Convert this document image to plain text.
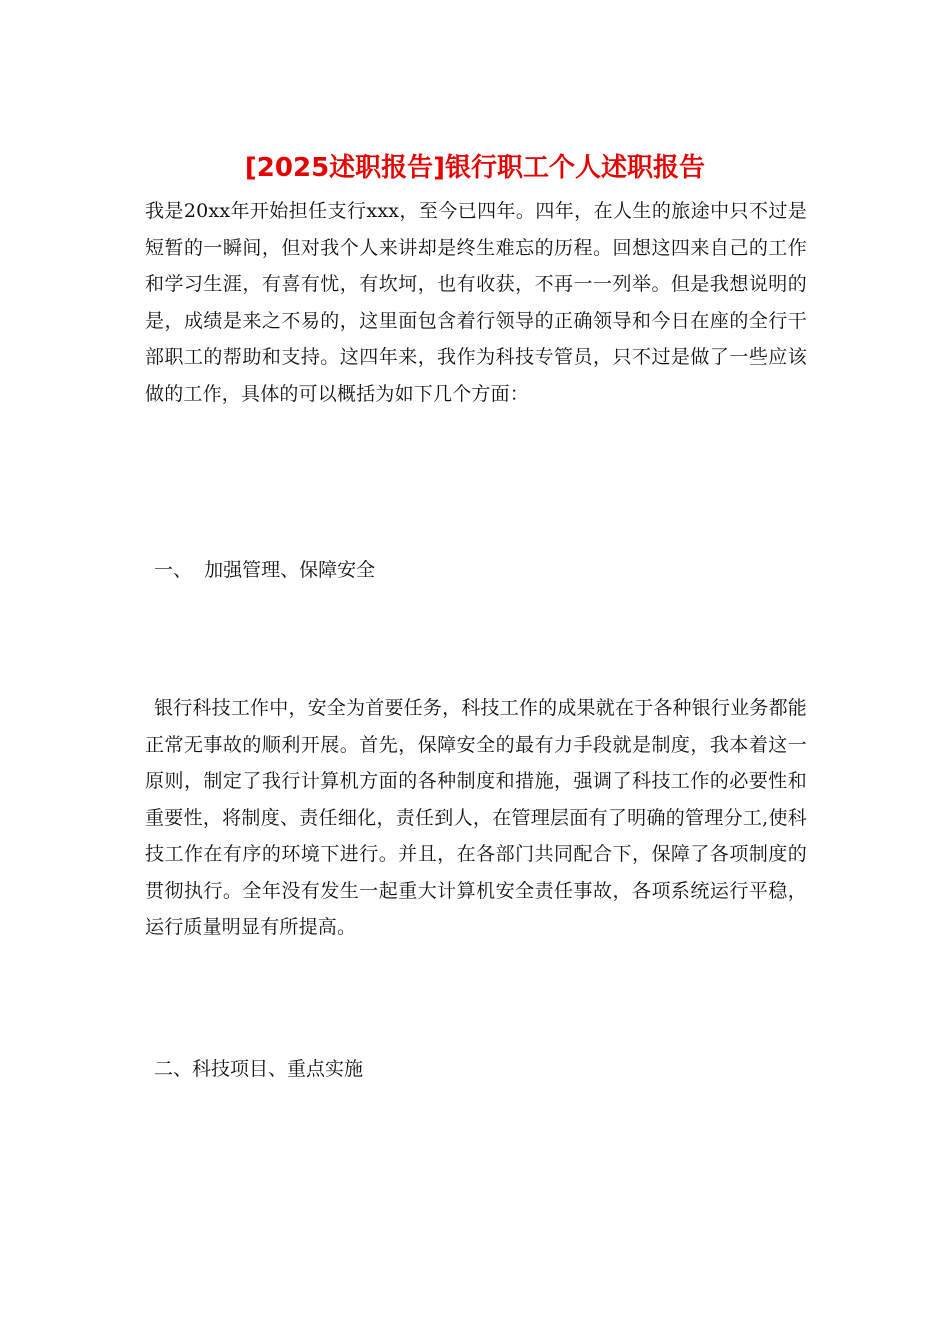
[2025述职报告]银行职工个人述职报告

我是20xx年开始担任支行xxx，至今已四年。四年，在人生的旅途中只不过是短暂的一瞬间，但对我个人来讲却是终生难忘的历程。回想这四来自己的工作和学习生涯，有喜有忧，有坎坷，也有收获，不再一一列举。但是我想说明的是，成绩是来之不易的，这里面包含着行领导的正确领导和今日在座的全行干部职工的帮助和支持。这四年来，我作为科技专管员，只不过是做了一些应该做的工作，具体的可以概括为如下几个方面：

一、  加强管理、保障安全

银行科技工作中，安全为首要任务，科技工作的成果就在于各种银行业务都能正常无事故的顺利开展。首先，保障安全的最有力手段就是制度，我本着这一原则，制定了我行计算机方面的各种制度和措施，强调了科技工作的必要性和重要性，将制度、责任细化，责任到人，在管理层面有了明确的管理分工,使科技工作在有序的环境下进行。并且，在各部门共同配合下，保障了各项制度的贯彻执行。全年没有发生一起重大计算机安全责任事故，各项系统运行平稳，运行质量明显有所提高。

二、科技项目、重点实施
